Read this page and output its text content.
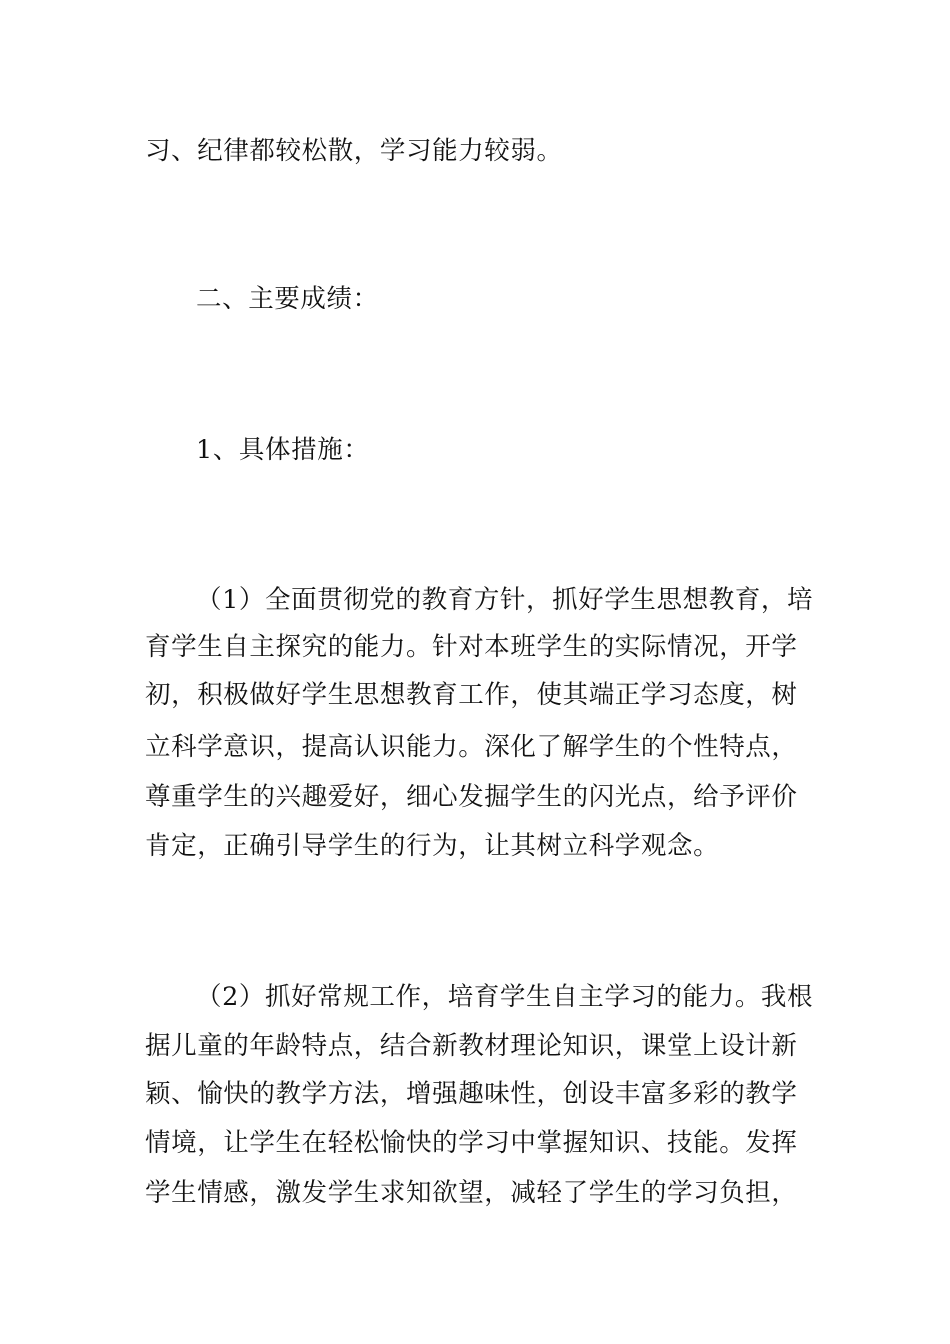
习、纪律都较松散，学习能力较弱。
二、主要成绩：
1、具体措施：
（1）全面贯彻党的教育方针，抓好学生思想教育，培
育学生自主探究的能力。针对本班学生的实际情况，开学
初，积极做好学生思想教育工作，使其端正学习态度，树
立科学意识，提高认识能力。深化了解学生的个性特点，
尊重学生的兴趣爱好，细心发掘学生的闪光点，给予评价
肯定，正确引导学生的行为，让其树立科学观念。
（2）抓好常规工作，培育学生自主学习的能力。我根
据儿童的年龄特点，结合新教材理论知识，课堂上设计新
颖、愉快的教学方法，增强趣味性，创设丰富多彩的教学
情境，让学生在轻松愉快的学习中掌握知识、技能。发挥
学生情感，激发学生求知欲望，减轻了学生的学习负担，
